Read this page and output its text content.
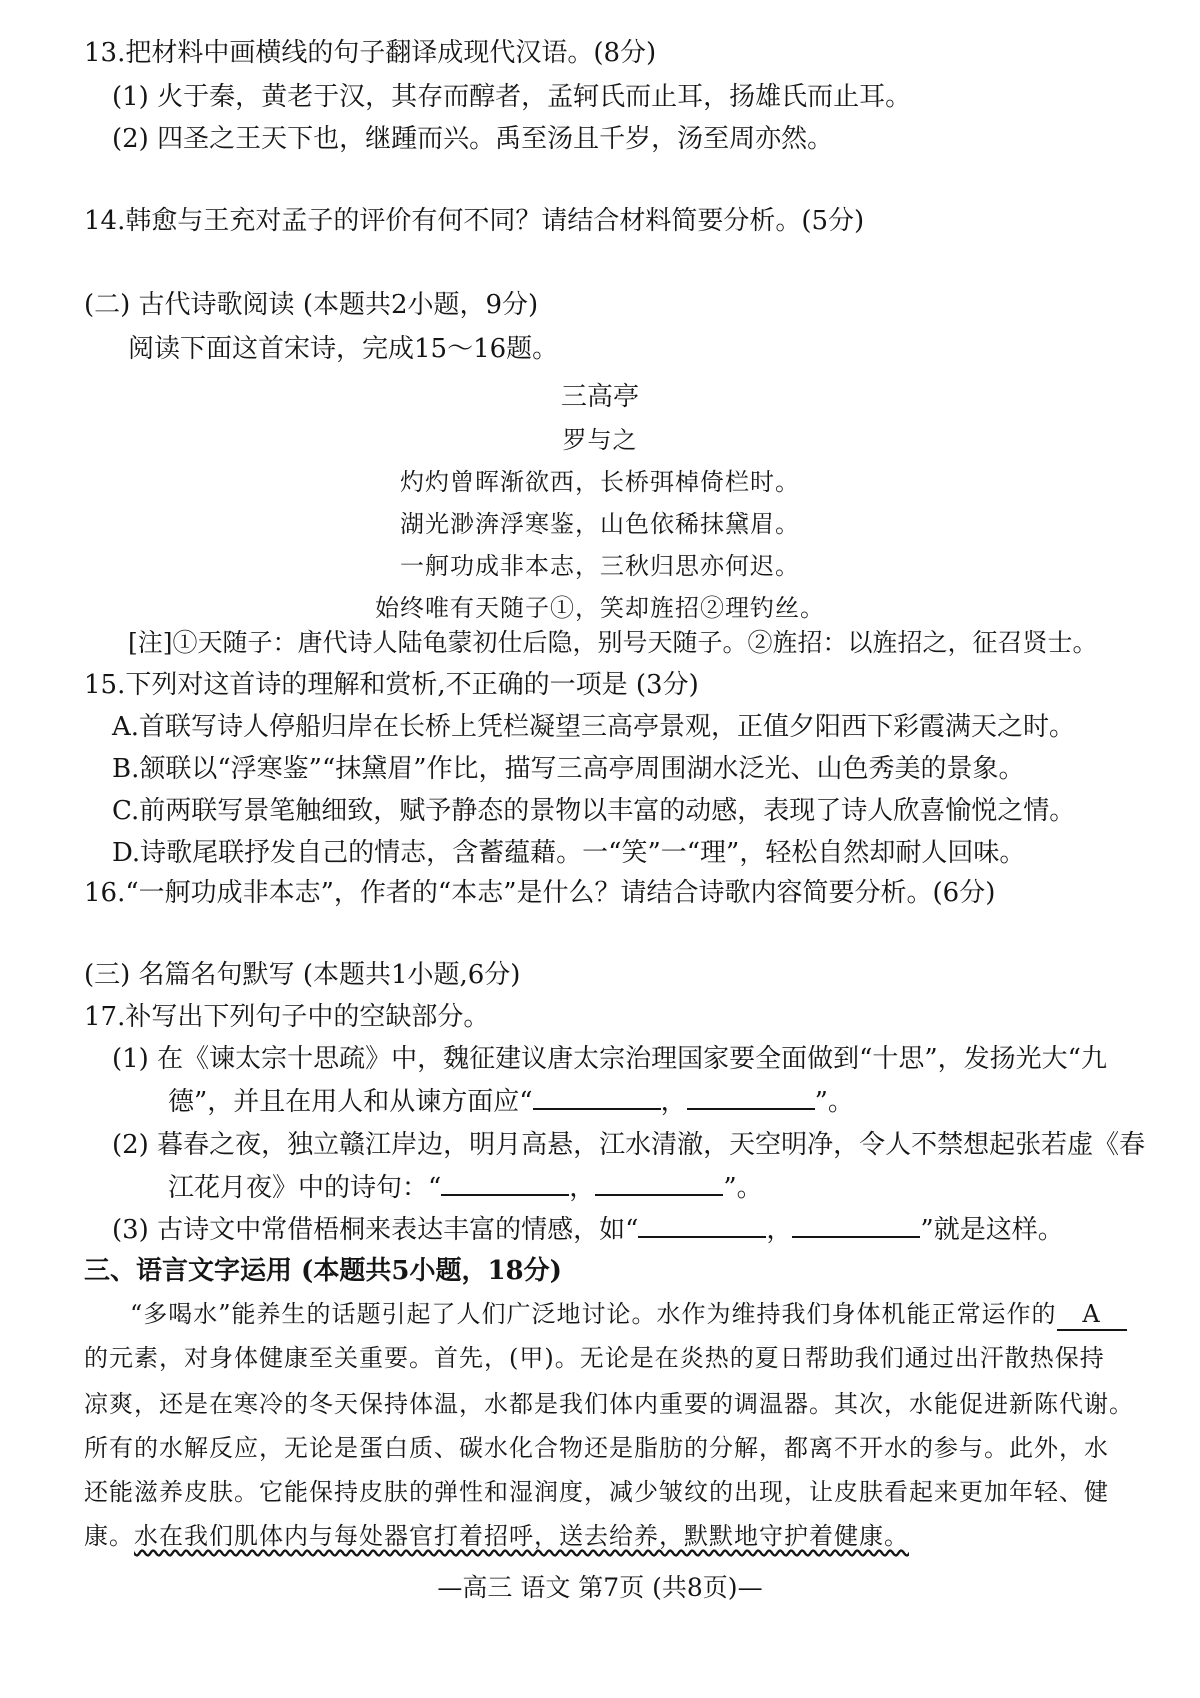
13.把材料中画横线的句子翻译成现代汉语。(8分)
(1) 火于秦，黄老于汉，其存而醇者，孟轲氏而止耳，扬雄氏而止耳。
(2) 四圣之王天下也，继踵而兴。禹至汤且千岁，汤至周亦然。
14.韩愈与王充对孟子的评价有何不同？请结合材料简要分析。(5分)
(二) 古代诗歌阅读 (本题共2小题，9分)
阅读下面这首宋诗，完成15～16题。
三高亭
罗与之
灼灼曾晖渐欲西，长桥弭棹倚栏时。
湖光渺渀浮寒鉴，山色依稀抹黛眉。
一舸功成非本志，三秋归思亦何迟。
始终唯有天随子①，笑却旌招②理钓丝。
[注]①天随子：唐代诗人陆龟蒙初仕后隐，别号天随子。②旌招：以旌招之，征召贤士。
15.下列对这首诗的理解和赏析,不正确的一项是 (3分)
A.首联写诗人停船归岸在长桥上凭栏凝望三高亭景观，正值夕阳西下彩霞满天之时。
B.颔联以“浮寒鉴”“抹黛眉”作比，描写三高亭周围湖水泛光、山色秀美的景象。
C.前两联写景笔触细致，赋予静态的景物以丰富的动感，表现了诗人欣喜愉悦之情。
D.诗歌尾联抒发自己的情志，含蓄蕴藉。一“笑”一“理”，轻松自然却耐人回味。
16.“一舸功成非本志”，作者的“本志”是什么？请结合诗歌内容简要分析。(6分)
(三) 名篇名句默写 (本题共1小题,6分)
17.补写出下列句子中的空缺部分。
(1) 在《谏太宗十思疏》中，魏征建议唐太宗治理国家要全面做到“十思”，发扬光大“九
德”，并且在用人和从谏方面应“	，	”。
(2) 暮春之夜，独立赣江岸边，明月高悬，江水清澈，天空明净，令人不禁想起张若虚《春
江花月夜》中的诗句：“	，	”。
(3) 古诗文中常借梧桐来表达丰富的情感，如“	，	”就是这样。
三、语言文字运用 (本题共5小题，18分)
“多喝水”能养生的话题引起了人们广泛地讨论。水作为维持我们身体机能正常运作的 A
的元素，对身体健康至关重要。首先，(甲)。无论是在炎热的夏日帮助我们通过出汗散热保持
凉爽，还是在寒冷的冬天保持体温，水都是我们体内重要的调温器。其次，水能促进新陈代谢。
所有的水解反应，无论是蛋白质、碳水化合物还是脂肪的分解，都离不开水的参与。此外，水
还能滋养皮肤。它能保持皮肤的弹性和湿润度，减少皱纹的出现，让皮肤看起来更加年轻、健
康。水在我们肌体内与每处器官打着招呼，送去给养，默默地守护着健康。
—高三 语文 第7页 (共8页)—
